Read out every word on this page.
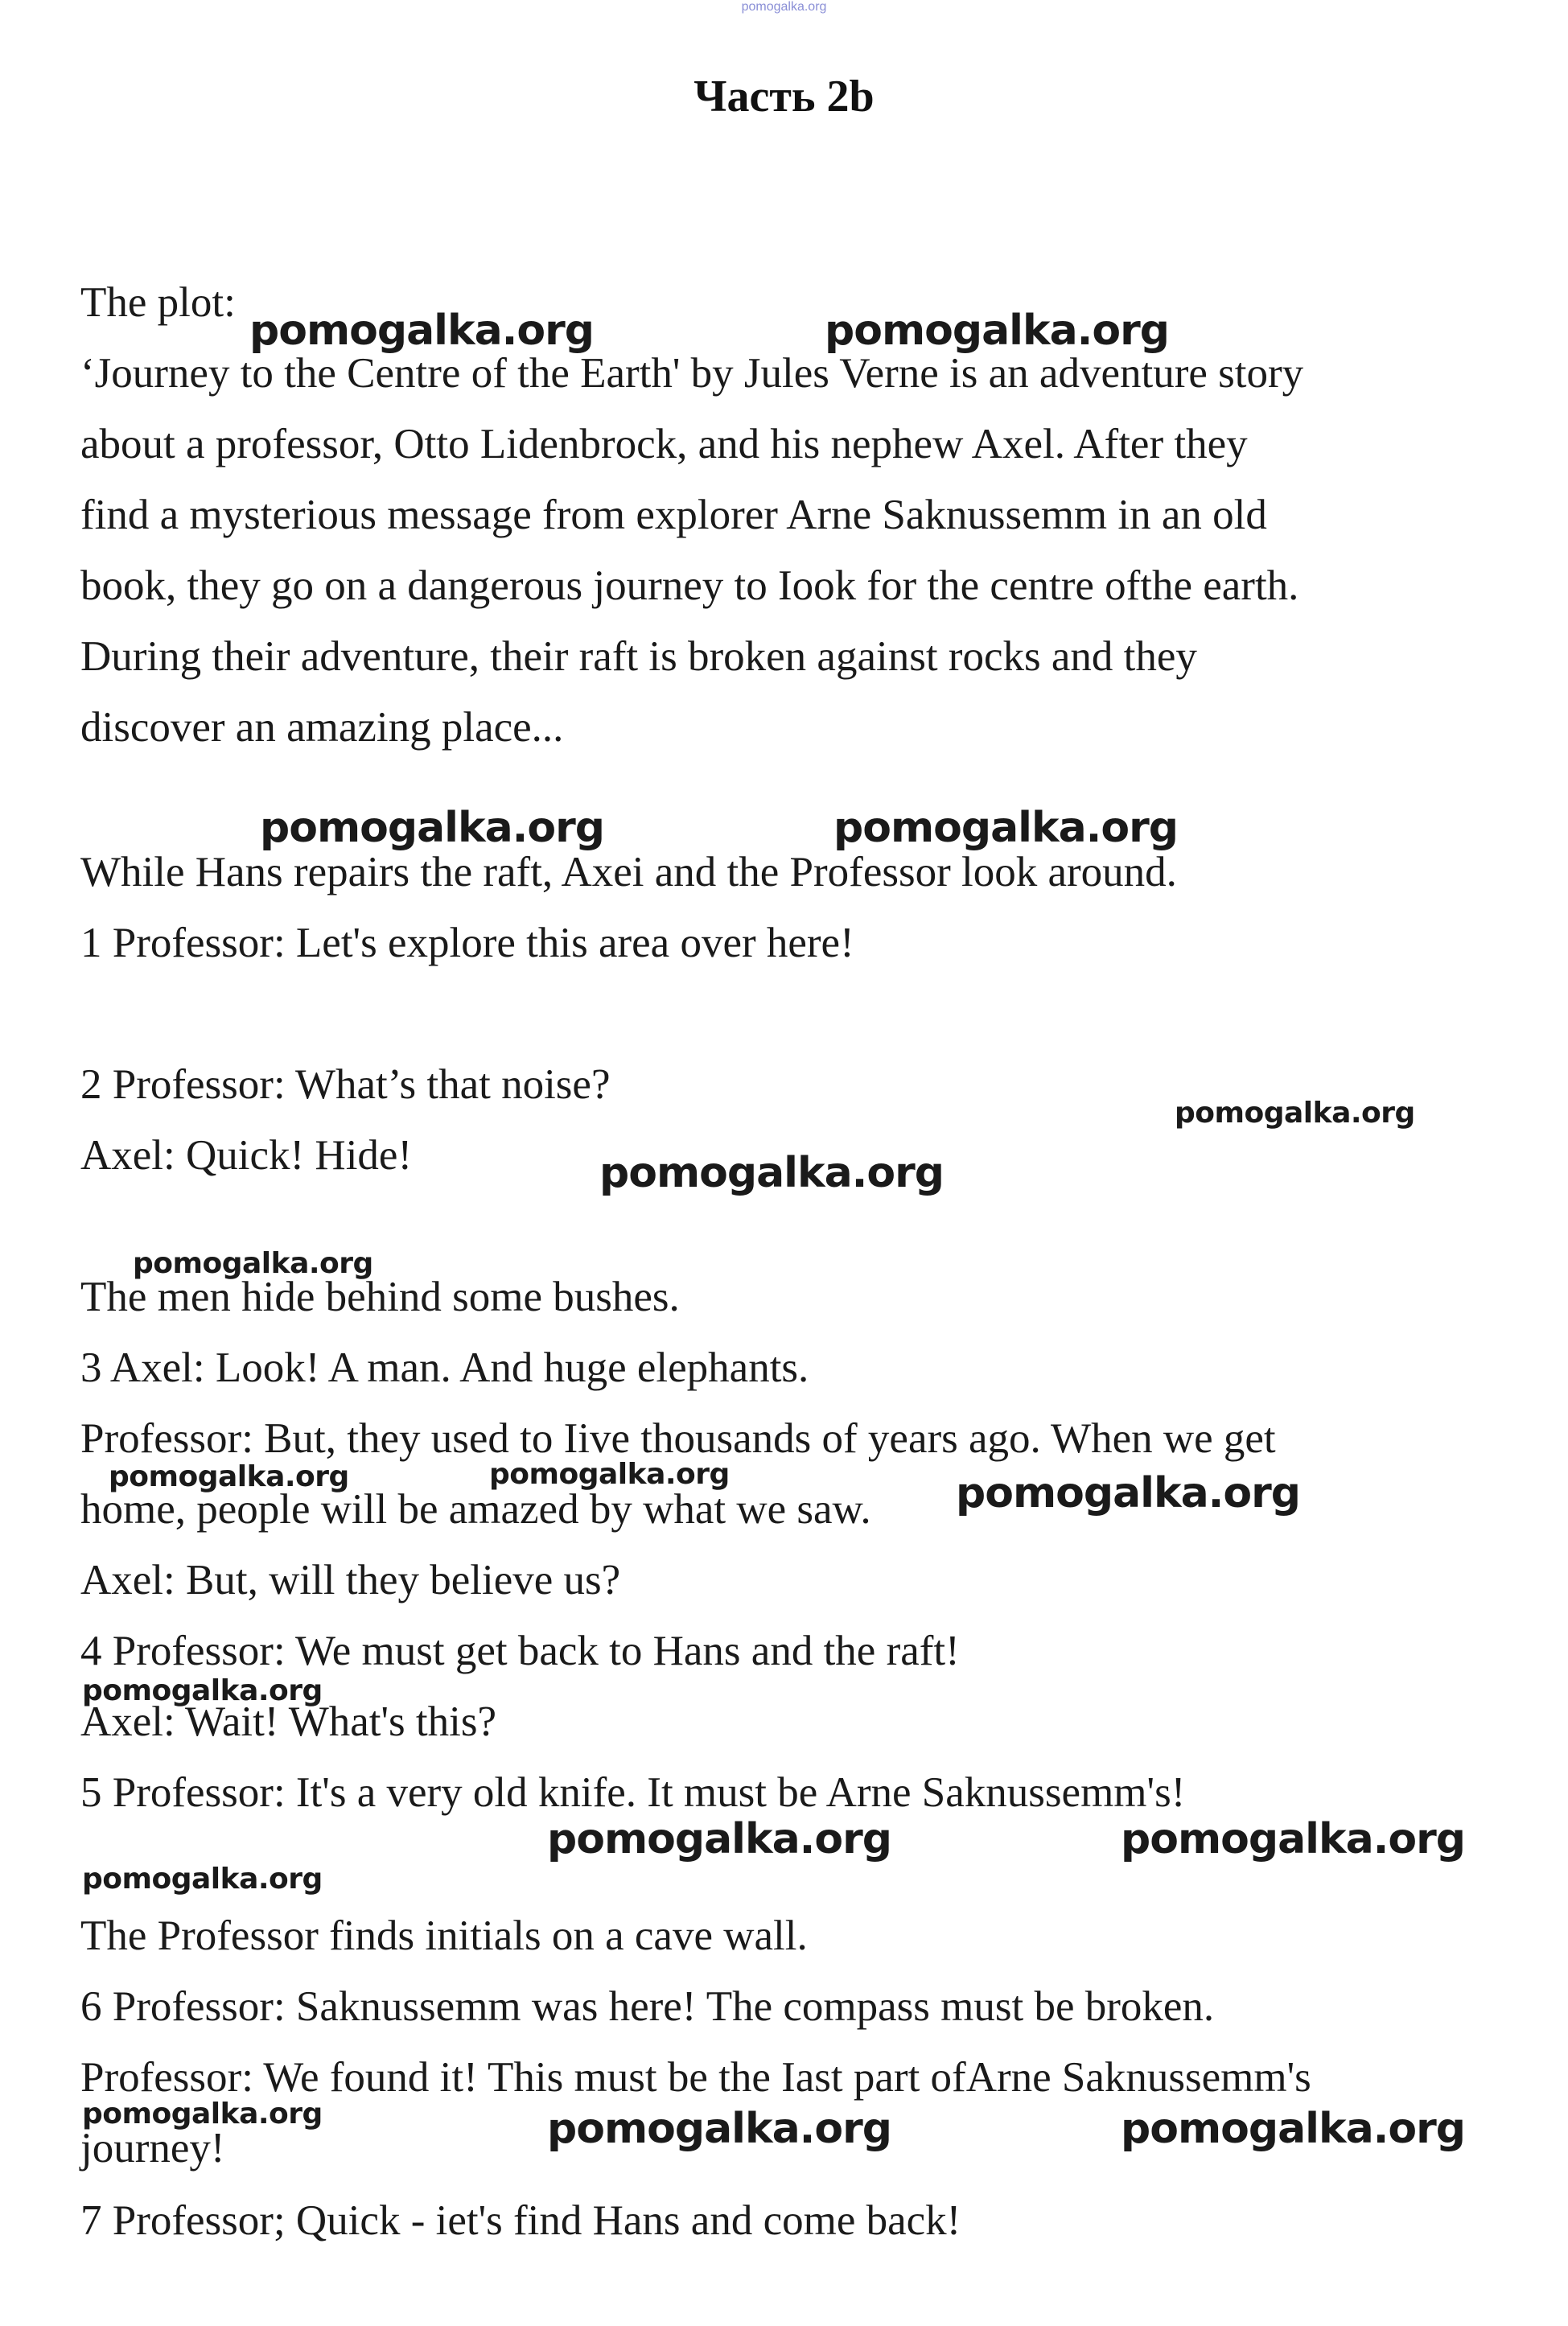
pomogalka.org
Часть 2b
The plot:
‘Journey to the Centre of the Earth' by Jules Verne is an adventure story
about a professor, Otto Lidenbrock, and his nephew Axel. After they
find a mysterious message from explorer Arne Saknussemm in an old
book, they go on a dangerous journey to Iook for the centre ofthe earth.
During their adventure, their raft is broken against rocks and they
discover an amazing place...
While Hans repairs the raft, Axei and the Professor look around.
1 Professor: Let's explore this area over here!
2 Professor: What’s that noise?
Axel: Quick! Hide!
The men hide behind some bushes.
3 Axel: Look! A man. And huge elephants.
Professor: But, they used to Iive thousands of years ago. When we get
home, people will be amazed by what we saw.
Axel: But, will they believe us?
4 Professor: We must get back to Hans and the raft!
Axel: Wait! What's this?
5 Professor: It's a very old knife. It must be Arne Saknussemm's!
The Professor finds initials on a cave wall.
6 Professor: Saknussemm was here! The compass must be broken.
Professor: We found it! This must be the Iast part ofArne Saknussemm's
journey!
7 Professor; Quick - iet's find Hans and come back!
pomogalka.org	pomogalka.org
pomogalka.org	pomogalka.org
pomogalka.org
pomogalka.org
pomogalka.org
pomogalka.org	pomogalka.org	pomogalka.org
pomogalka.org
pomogalka.org	pomogalka.org
pomogalka.org
pomogalka.org	pomogalka.org	pomogalka.org
